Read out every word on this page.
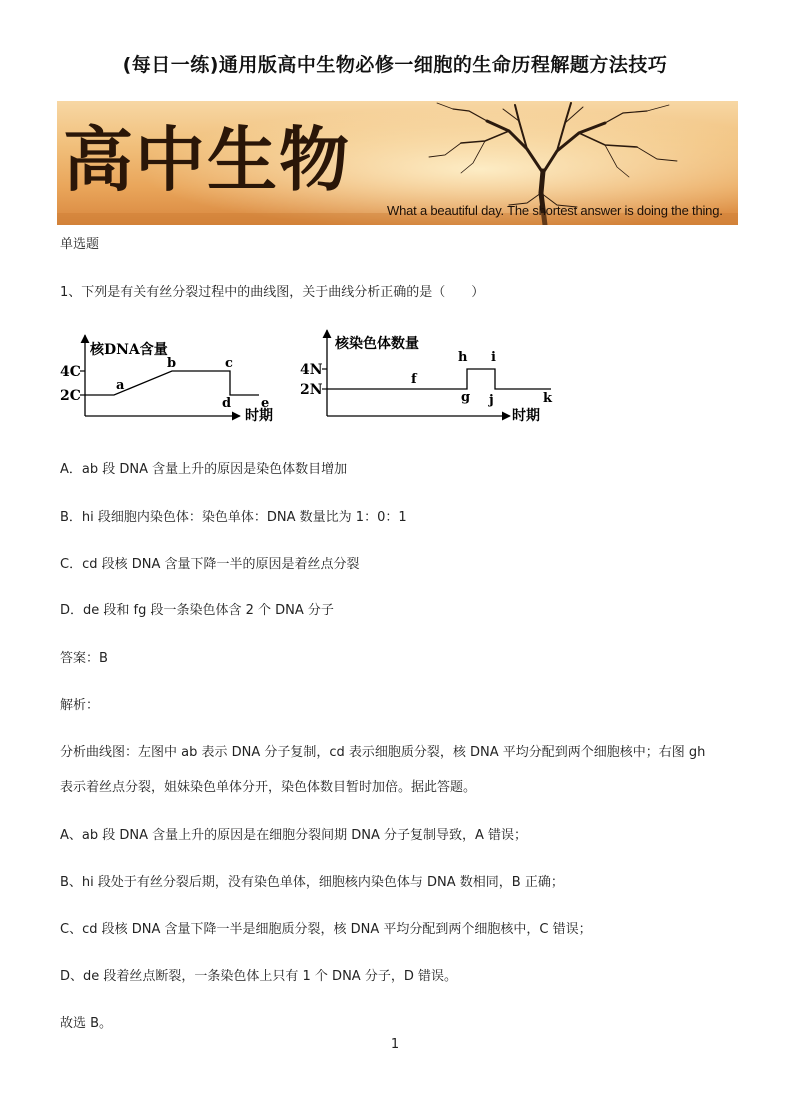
(每日一练)通用版高中生物必修一细胞的生命历程解题方法技巧
高中生物
What a beautiful day. The shortest answer is doing the thing.
单选题
1、下列是有关有丝分裂过程中的曲线图，关于曲线分析正确的是（　　）
核DNA含量
时期
2C
4C
a
b	c
d e
核染色体数量
时期
2N
4N
f
g
h i
j	k
A．ab 段 DNA 含量上升的原因是染色体数目增加
B．hi 段细胞内染色体：染色单体：DNA 数量比为 1：0：1
C．cd 段核 DNA 含量下降一半的原因是着丝点分裂
D．de 段和 fg 段一条染色体含 2 个 DNA 分子
答案：B
解析：
分析曲线图：左图中 ab 表示 DNA 分子复制，cd 表示细胞质分裂，核 DNA 平均分配到两个细胞核中；右图 gh
表示着丝点分裂，姐妹染色单体分开，染色体数目暂时加倍。据此答题。
A、ab 段 DNA 含量上升的原因是在细胞分裂间期 DNA 分子复制导致，A 错误；
B、hi 段处于有丝分裂后期，没有染色单体，细胞核内染色体与 DNA 数相同，B 正确；
C、cd 段核 DNA 含量下降一半是细胞质分裂，核 DNA 平均分配到两个细胞核中，C 错误；
D、de 段着丝点断裂，一条染色体上只有 1 个 DNA 分子，D 错误。
故选 B。
1
